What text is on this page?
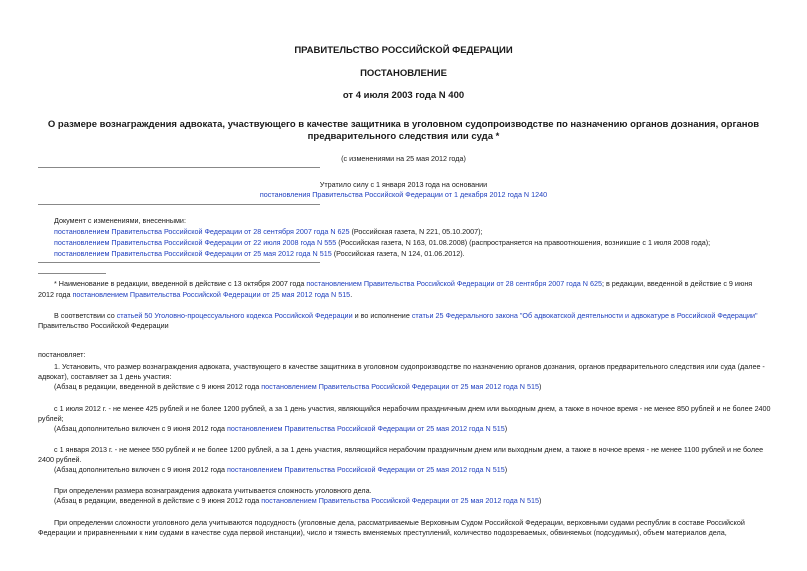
ПРАВИТЕЛЬСТВО РОССИЙСКОЙ ФЕДЕРАЦИИ
ПОСТАНОВЛЕНИЕ
от 4 июля 2003 года N 400
О размере вознаграждения адвоката, участвующего в качестве защитника в уголовном судопроизводстве по назначению органов дознания, органов
предварительного следствия или суда *
(с изменениями на 25 мая 2012 года)
Утратило силу с 1 января 2013 года на основании
постановления Правительства Российской Федерации от 1 декабря 2012 года N 1240
Документ с изменениями, внесенными:
постановлением Правительства Российской Федерации от 28 сентября 2007 года N 625 (Российская газета, N 221, 05.10.2007);
постановлением Правительства Российской Федерации от 22 июля 2008 года N 555 (Российская газета, N 163, 01.08.2008) (распространяется на правоотношения, возникшие с 1 июля 2008 года);
постановлением Правительства Российской Федерации от 25 мая 2012 года N 515 (Российская газета, N 124, 01.06.2012).
* Наименование в редакции, введенной в действие с 13 октября 2007 года постановлением Правительства Российской Федерации от 28 сентября 2007 года N 625; в редакции, введенной в действие с 9 июня
2012 года постановлением Правительства Российской Федерации от 25 мая 2012 года N 515.
В соответствии со статьей 50 Уголовно-процессуального кодекса Российской Федерации и во исполнение статьи 25 Федерального закона "Об адвокатской деятельности и адвокатуре в Российской Федерации"
Правительство Российской Федерации
постановляет:
1. Установить, что размер вознаграждения адвоката, участвующего в качестве защитника в уголовном судопроизводстве по назначению органов дознания, органов предварительного следствия или суда (далее -
адвокат), составляет за 1 день участия:
(Абзац в редакции, введенной в действие с 9 июня 2012 года постановлением Правительства Российской Федерации от 25 мая 2012 года N 515)
с 1 июля 2012 г. - не менее 425 рублей и не более 1200 рублей, а за 1 день участия, являющийся нерабочим праздничным днем или выходным днем, а также в ночное время - не менее 850 рублей и не более 2400
рублей;
(Абзац дополнительно включен с 9 июня 2012 года постановлением Правительства Российской Федерации от 25 мая 2012 года N 515)
с 1 января 2013 г. - не менее 550 рублей и не более 1200 рублей, а за 1 день участия, являющийся нерабочим праздничным днем или выходным днем, а также в ночное время - не менее 1100 рублей и не более
2400 рублей.
(Абзац дополнительно включен с 9 июня 2012 года постановлением Правительства Российской Федерации от 25 мая 2012 года N 515)
При определении размера вознаграждения адвоката учитывается сложность уголовного дела.
(Абзац в редакции, введенной в действие с 9 июня 2012 года постановлением Правительства Российской Федерации от 25 мая 2012 года N 515)
При определении сложности уголовного дела учитываются подсудность (уголовные дела, рассматриваемые Верховным Судом Российской Федерации, верховными судами республик в составе Российской
Федерации и приравненными к ним судами в качестве суда первой инстанции), число и тяжесть вменяемых преступлений, количество подозреваемых, обвиняемых (подсудимых), объем материалов дела,
